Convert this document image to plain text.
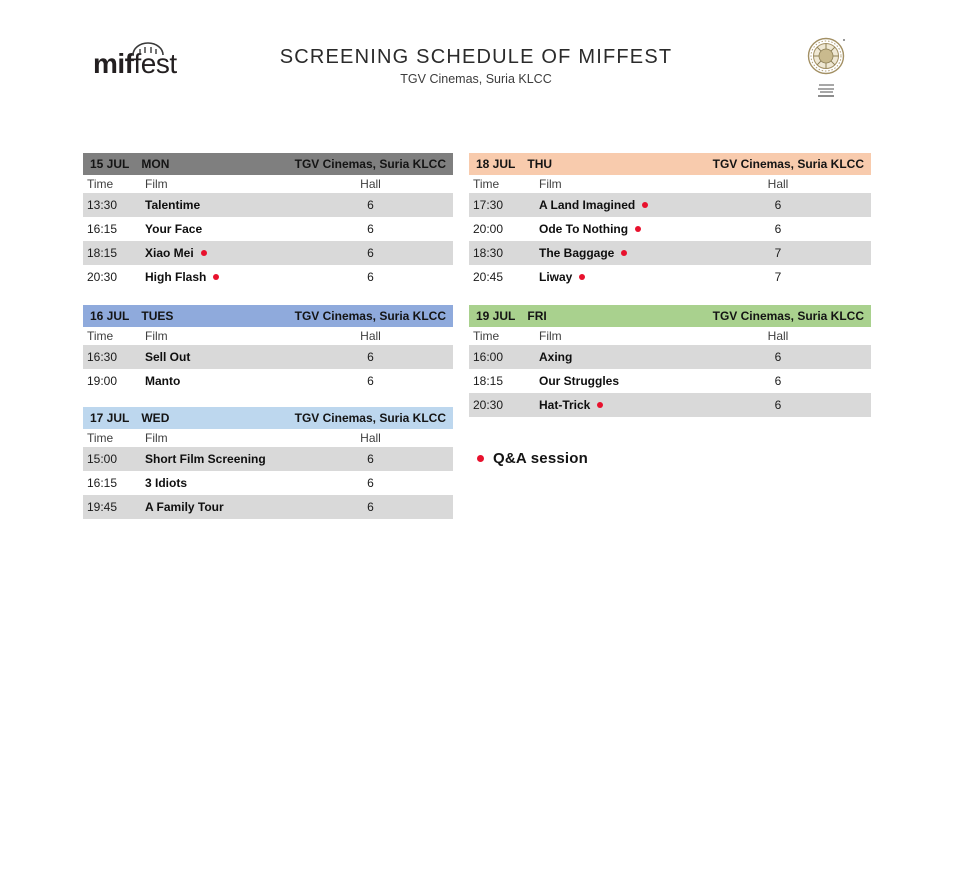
miffest	SCREENING SCHEDULE OF MIFFEST
TGV Cinemas, Suria KLCC
15 JUL MON	TGV Cinemas, Suria KLCC
Time	Film	Hall
13:30	Talentime	6
16:15	Your Face	6
18:15	Xiao Mei	6
20:30	High Flash	6
16 JUL TUES	TGV Cinemas, Suria KLCC
Time	Film	Hall
16:30	Sell Out	6
19:00	Manto	6
17 JUL WED	TGV Cinemas, Suria KLCC
Time	Film	Hall
15:00	Short Film Screening	6
16:15	3 Idiots	6
19:45	A Family Tour	6
18 JUL THU	TGV Cinemas, Suria KLCC
Time	Film	Hall
17:30	A Land Imagined	6
20:00	Ode To Nothing	6
18:30	The Baggage	7
20:45	Liway	7
19 JUL FRI	TGV Cinemas, Suria KLCC
Time	Film	Hall
16:00	Axing	6
18:15	Our Struggles	6
20:30	Hat-Trick	6
Q&A session
